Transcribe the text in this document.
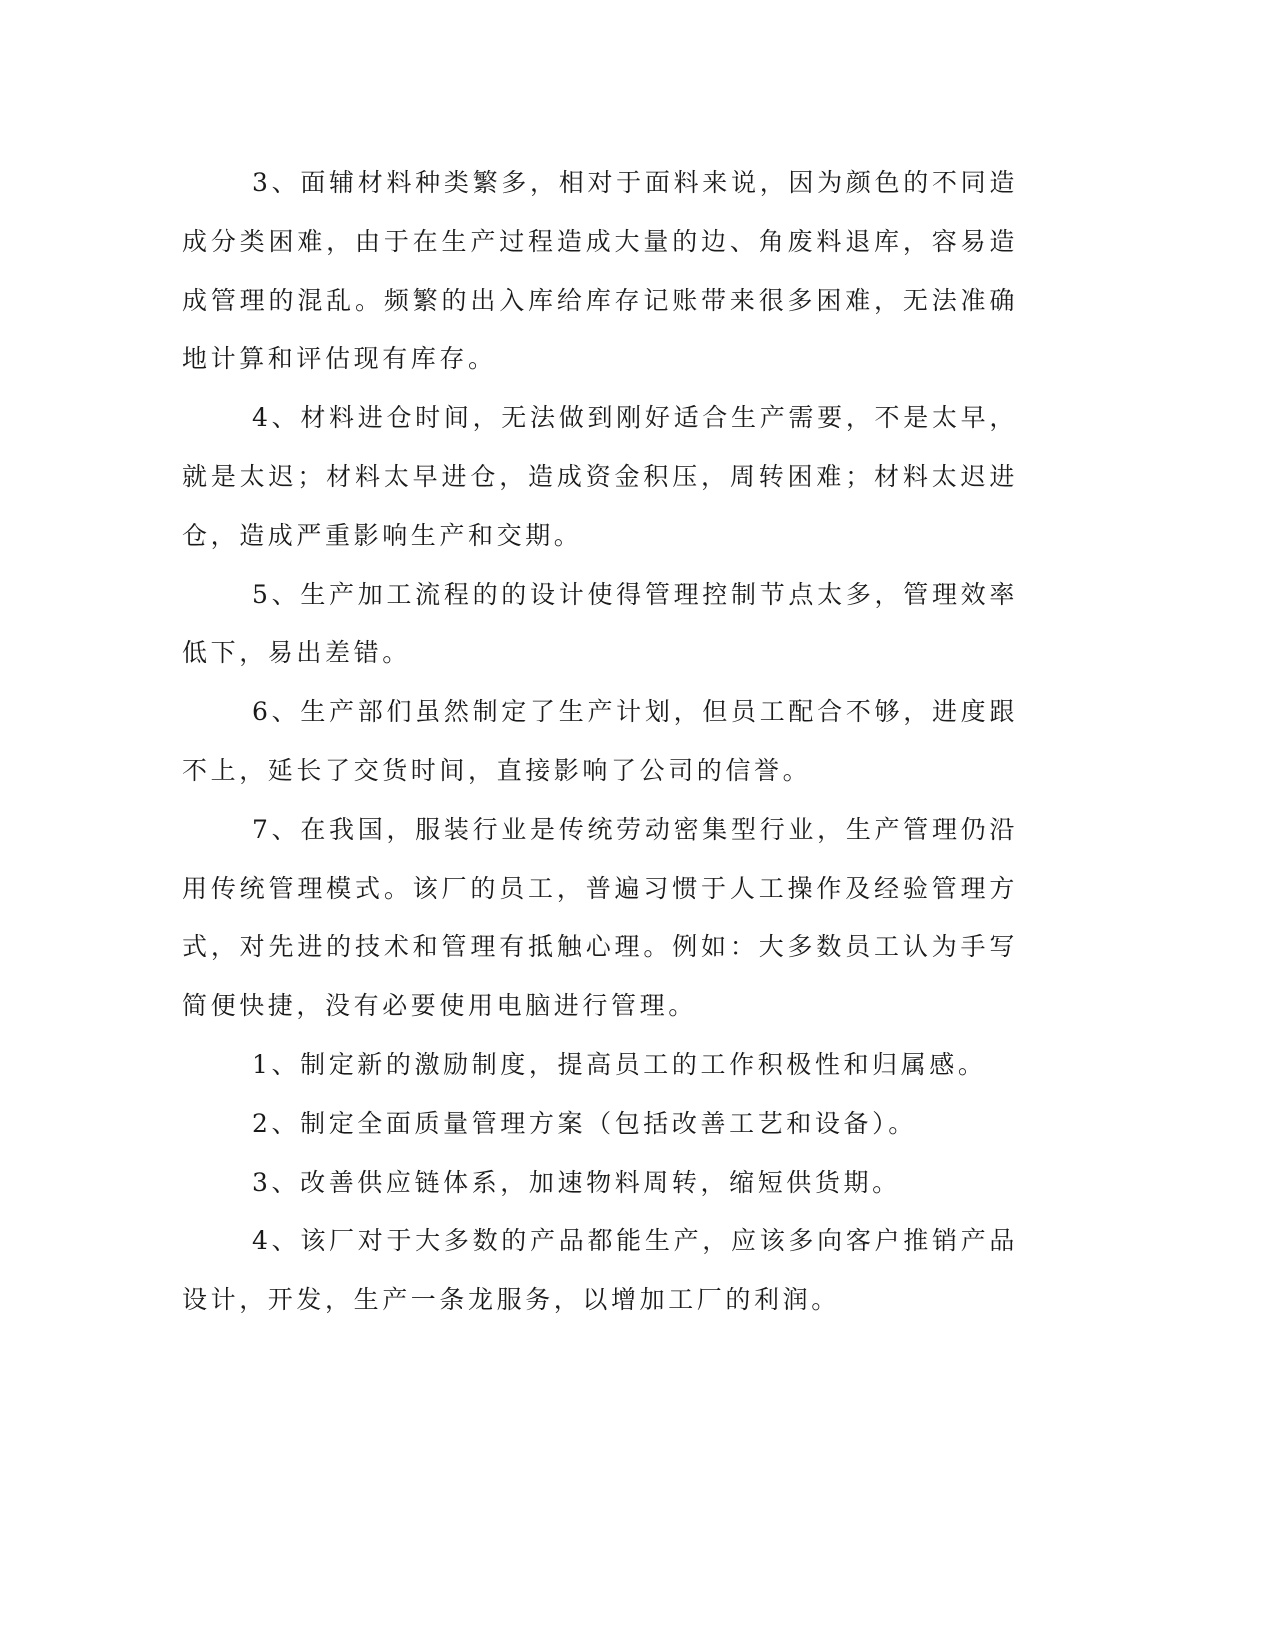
3、面辅材料种类繁多，相对于面料来说，因为颜色的不同造成分类困难，由于在生产过程造成大量的边、角废料退库，容易造成管理的混乱。频繁的出入库给库存记账带来很多困难，无法准确地计算和评估现有库存。

4、材料进仓时间，无法做到刚好适合生产需要，不是太早，就是太迟；材料太早进仓，造成资金积压，周转困难；材料太迟进仓，造成严重影响生产和交期。

5、生产加工流程的的设计使得管理控制节点太多，管理效率低下，易出差错。

6、生产部们虽然制定了生产计划，但员工配合不够，进度跟不上，延长了交货时间，直接影响了公司的信誉。

7、在我国，服装行业是传统劳动密集型行业，生产管理仍沿用传统管理模式。该厂的员工，普遍习惯于人工操作及经验管理方式，对先进的技术和管理有抵触心理。例如：大多数员工认为手写简便快捷，没有必要使用电脑进行管理。

1、制定新的激励制度，提高员工的工作积极性和归属感。

2、制定全面质量管理方案（包括改善工艺和设备）。

3、改善供应链体系，加速物料周转，缩短供货期。

4、该厂对于大多数的产品都能生产，应该多向客户推销产品设计，开发，生产一条龙服务，以增加工厂的利润。
